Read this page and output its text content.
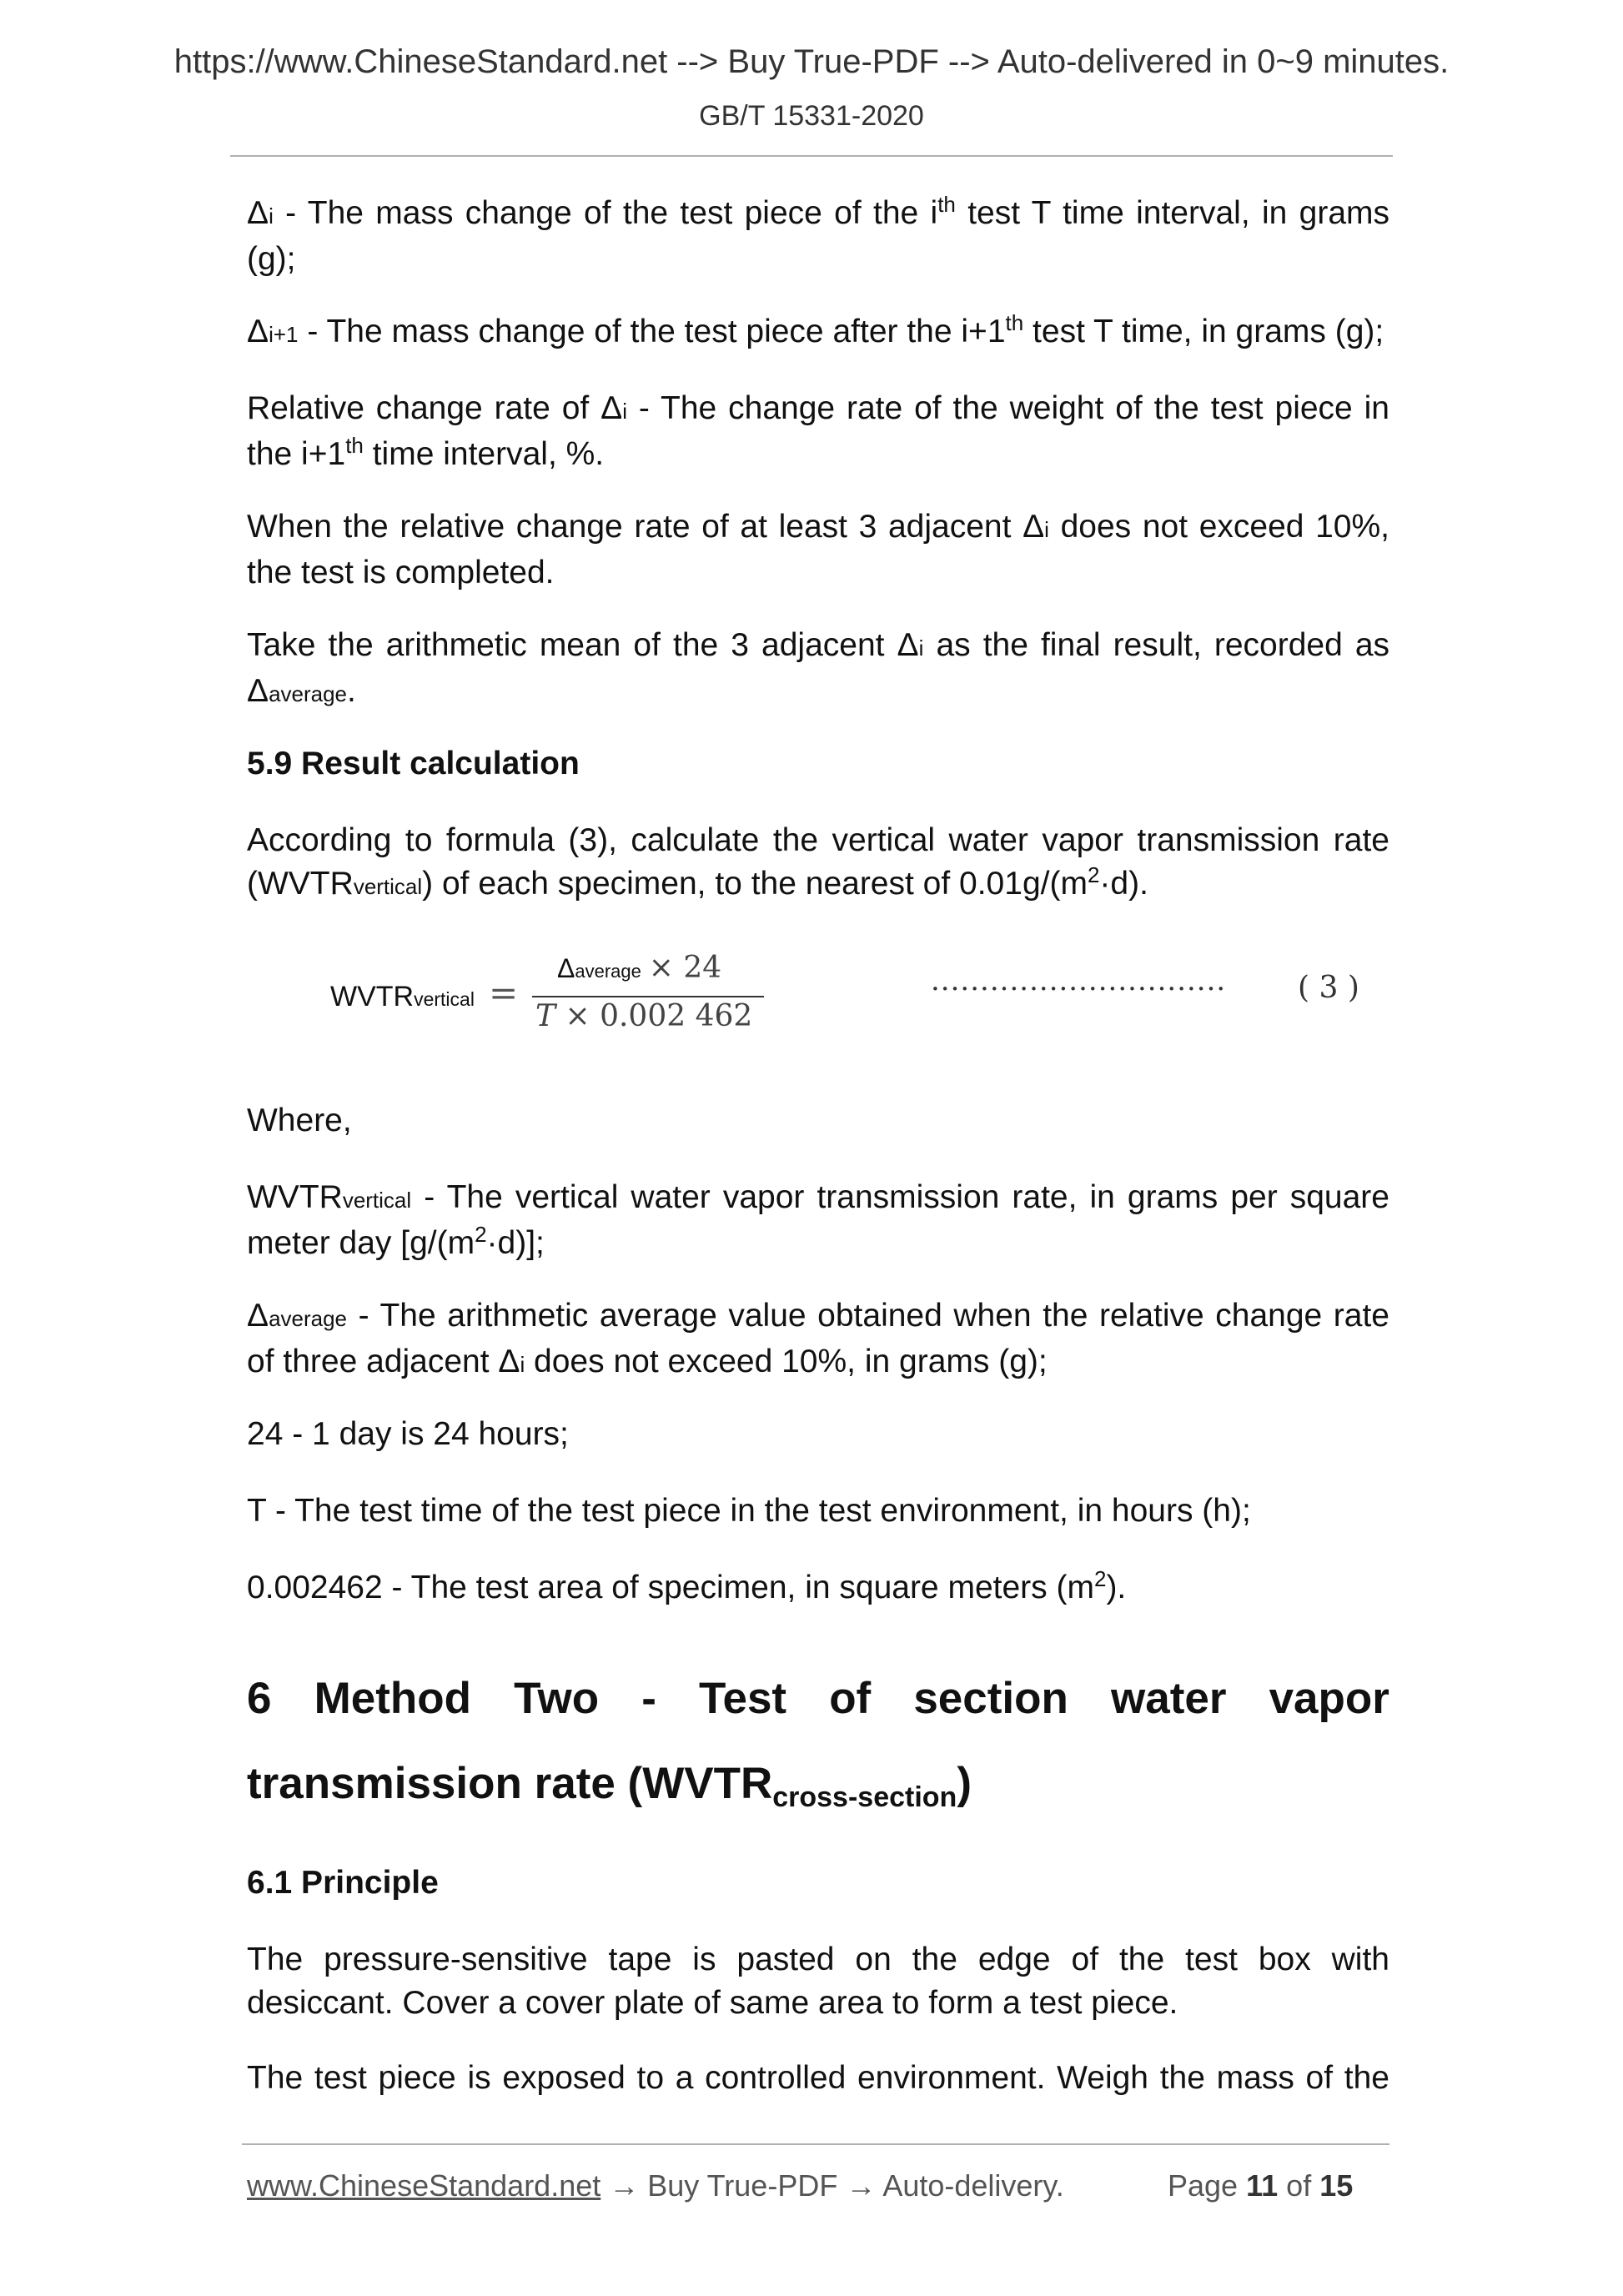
https://www.ChineseStandard.net --> Buy True-PDF --> Auto-delivered in 0~9 minutes.
GB/T 15331-2020

Δi - The mass change of the test piece of the $i^{th}$ test T time interval, in grams (g);

Δi+1 - The mass change of the test piece after the i+1th test T time, in grams (g);

Relative change rate of Δi - The change rate of the weight of the test piece in the i+1th time interval, %.

When the relative change rate of at least 3 adjacent Δi does not exceed 10%, the test is completed.

Take the arithmetic mean of the 3 adjacent Δi as the final result, recorded as Δaverage.

5.9 Result calculation

According to formula (3), calculate the vertical water vapor transmission rate (WVTRvertical) of each specimen, to the nearest of $0.01g/(m^2\cdot d)$.

WVTRvertical =
Δaverage × 24
T × 0.002 462
······························ ( 3 )

Where,

WVTRvertical - The vertical water vapor transmission rate, in grams per square meter day $[g/(m^2\cdot d)]$;

Δaverage - The arithmetic average value obtained when the relative change rate of three adjacent Δi does not exceed 10%, in grams (g);

24 - 1 day is 24 hours;

T - The test time of the test piece in the test environment, in hours (h);

0.002462 - The test area of specimen, in square meters $(m^2)$.

6 Method Two - Test of section water vapor
transmission rate (WVTRcross-section)
6.1 Principle

The pressure-sensitive tape is pasted on the edge of the test box with desiccant. Cover a cover plate of same area to form a test piece.

The test piece is exposed to a controlled environment. Weigh the mass of the

www.ChineseStandard.net → Buy True-PDF → Auto-delivery.	Page 11 of 15
